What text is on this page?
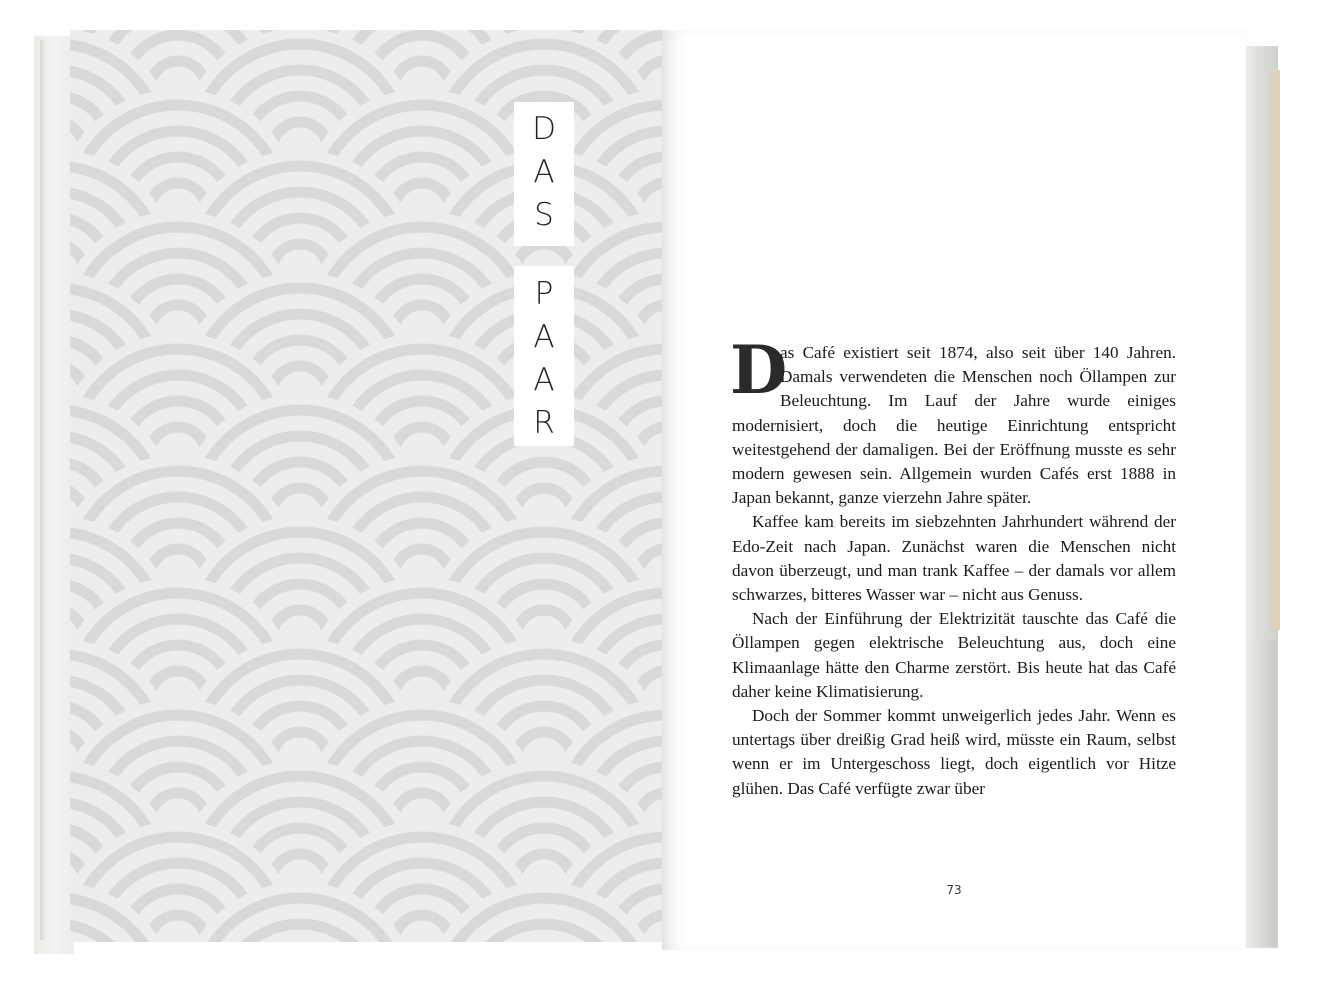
D
A
S
P
A
A
R

D
as Café existiert seit 1874, also seit über 140 Jahren. Damals verwendeten die Menschen noch Öllampen zur Beleuchtung. Im Lauf der Jahre wurde einiges modernisiert, doch die heutige Einrichtung entspricht weitestgehend der damaligen. Bei der Eröffnung musste es sehr modern gewesen sein. Allgemein wurden Cafés erst 1888 in Japan bekannt, ganze vierzehn Jahre später.

Kaffee kam bereits im siebzehnten Jahrhundert während der Edo-Zeit nach Japan. Zunächst waren die Menschen nicht davon überzeugt, und man trank Kaffee – der damals vor allem schwarzes, bitteres Wasser war – nicht aus Genuss.

Nach der Einführung der Elektrizität tauschte das Café die Öllampen gegen elektrische Beleuchtung aus, doch eine Klimaanlage hätte den Charme zerstört. Bis heute hat das Café daher keine Klimatisierung.

Doch der Sommer kommt unweigerlich jedes Jahr. Wenn es untertags über dreißig Grad heiß wird, müsste ein Raum, selbst wenn er im Untergeschoss liegt, doch eigentlich vor Hitze glühen. Das Café verfügte zwar über

73
